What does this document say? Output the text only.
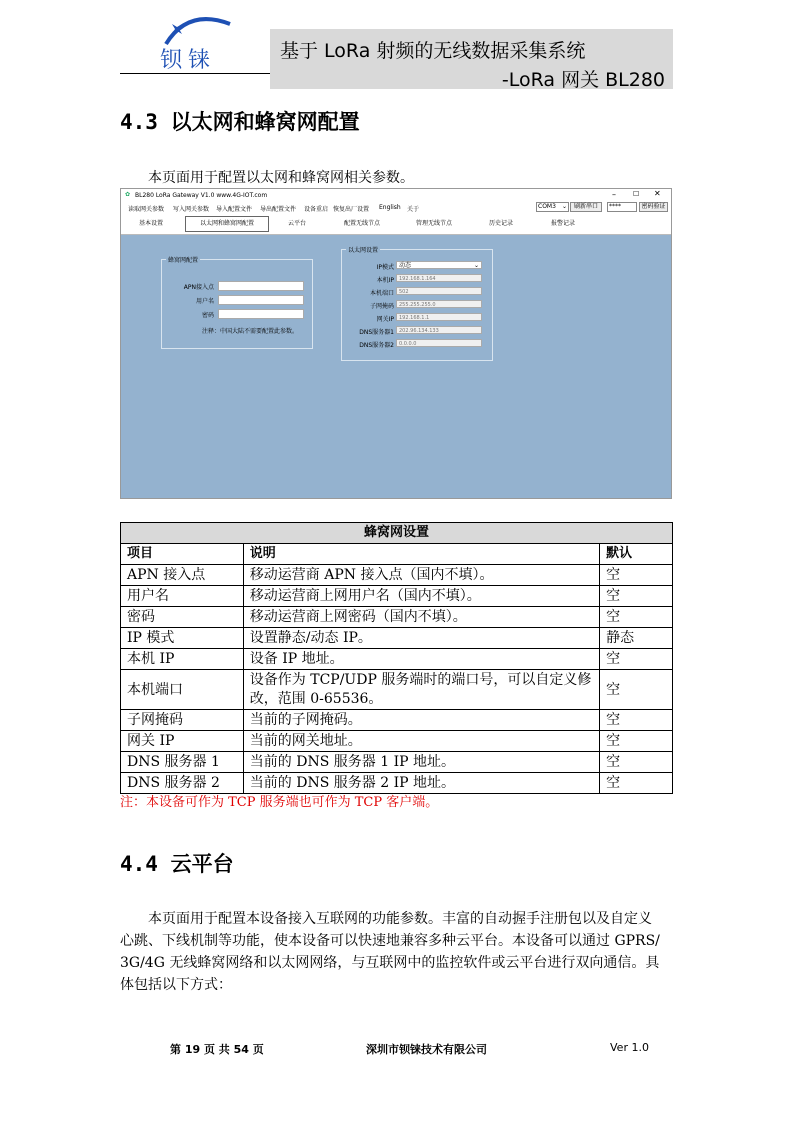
钡铼	基于 LoRa 射频的无线数据采集系统
-LoRa 网关 BL280
4.3 以太网和蜂窝网配置
本页面用于配置以太网和蜂窝网相关参数。
✿ BL280 LoRa Gateway V1.0 www.4G-IOT.com	– ☐ ✕
读取网关参数 写入网关参数 导入配置文件 导出配置文件 设备重启 恢复出厂设置 English 关于	COM3 ⌄	刷新串口	****	密码验证
基本设置	以太网和蜂窝网配置	云平台	配置无线节点	管理无线节点	历史记录	报警记录
蜂窝网配置
APN接入点
用户名
密码
注释：中国大陆不需要配置此参数。
以太网设置
IP模式 动态	⌄
本机IP	192.168.1.164
本机端口	502
子网掩码	255.255.255.0
网关IP	192.168.1.1
DNS服务器1	202.96.134.133
DNS服务器2	0.0.0.0
蜂窝网设置		
项目	说明	默认
APN 接入点	移动运营商 APN 接入点（国内不填）。	空
用户名	移动运营商上网用户名（国内不填）。	空
密码	移动运营商上网密码（国内不填）。	空
IP 模式	设置静态/动态 IP。	静态
本机 IP	设备 IP 地址。	空
本机端口	设备作为 TCP/UDP 服务端时的端口号，可以自定义修改，范围 0-65536。	空
子网掩码	当前的子网掩码。	空
网关 IP	当前的网关地址。	空
DNS 服务器 1	当前的 DNS 服务器 1 IP 地址。	空
DNS 服务器 2	当前的 DNS 服务器 2 IP 地址。	空
注：本设备可作为 TCP 服务端也可作为 TCP 客户端。
4.4 云平台
本页面用于配置本设备接入互联网的功能参数。丰富的自动握手注册包以及自定义
心跳、下线机制等功能，使本设备可以快速地兼容多种云平台。本设备可以通过 GPRS/
3G/4G 无线蜂窝网络和以太网网络，与互联网中的监控软件或云平台进行双向通信。具
体包括以下方式：
第 19 页 共 54 页	深圳市钡铼技术有限公司	Ver 1.0
